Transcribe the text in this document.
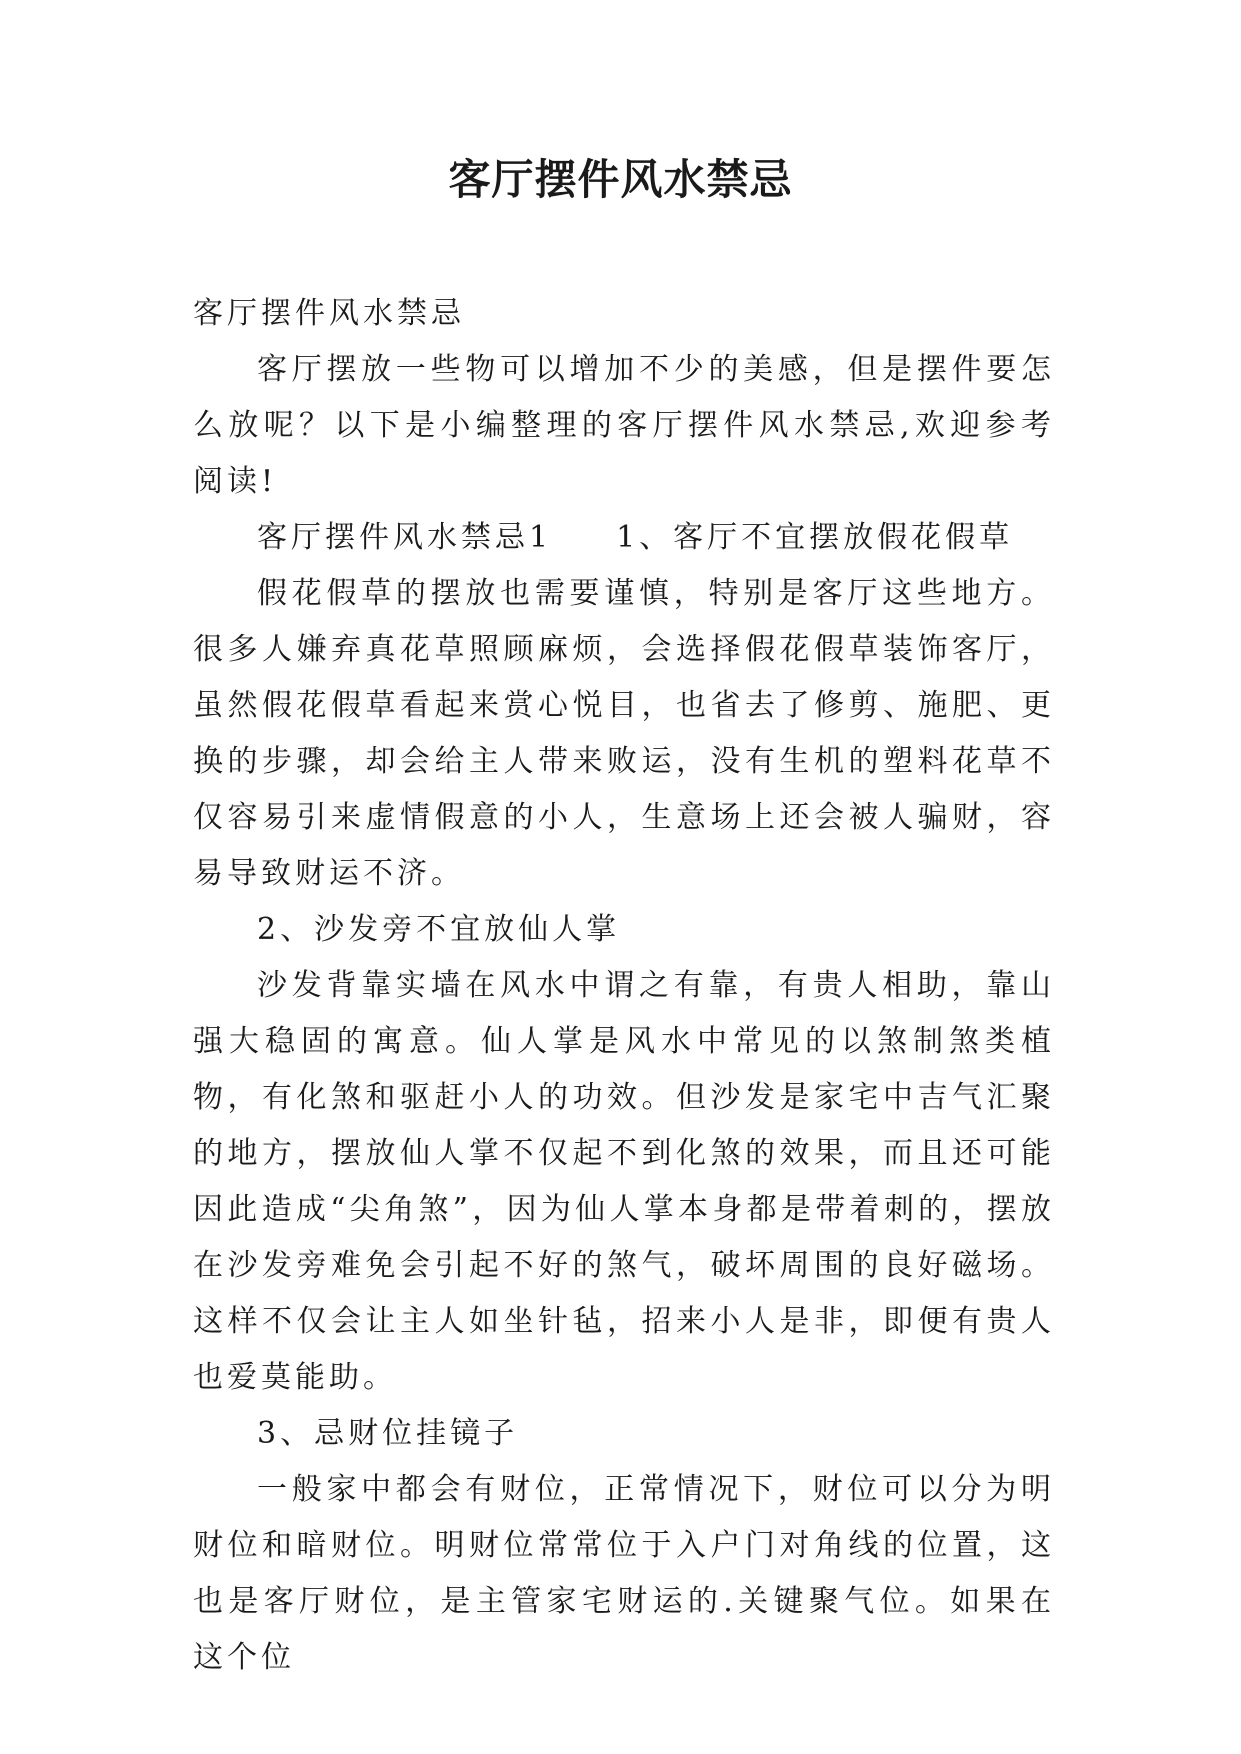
客厅摆件风水禁忌

客厅摆件风水禁忌

客厅摆放一些物可以增加不少的美感，但是摆件要怎么放呢？以下是小编整理的客厅摆件风水禁忌,欢迎参考阅读!

客厅摆件风水禁忌1 1、客厅不宜摆放假花假草

假花假草的摆放也需要谨慎，特别是客厅这些地方。很多人嫌弃真花草照顾麻烦，会选择假花假草装饰客厅，虽然假花假草看起来赏心悦目，也省去了修剪、施肥、更换的步骤，却会给主人带来败运，没有生机的塑料花草不仅容易引来虚情假意的小人，生意场上还会被人骗财，容易导致财运不济。

2、沙发旁不宜放仙人掌

沙发背靠实墙在风水中谓之有靠，有贵人相助，靠山强大稳固的寓意。仙人掌是风水中常见的以煞制煞类植物，有化煞和驱赶小人的功效。但沙发是家宅中吉气汇聚的地方，摆放仙人掌不仅起不到化煞的效果，而且还可能因此造成“尖角煞”，因为仙人掌本身都是带着刺的，摆放在沙发旁难免会引起不好的煞气，破坏周围的良好磁场。这样不仅会让主人如坐针毡，招来小人是非，即便有贵人也爱莫能助。

3、忌财位挂镜子

一般家中都会有财位，正常情况下，财位可以分为明财位和暗财位。明财位常常位于入户门对角线的位置，这也是客厅财位，是主管家宅财运的.关键聚气位。如果在这个位
